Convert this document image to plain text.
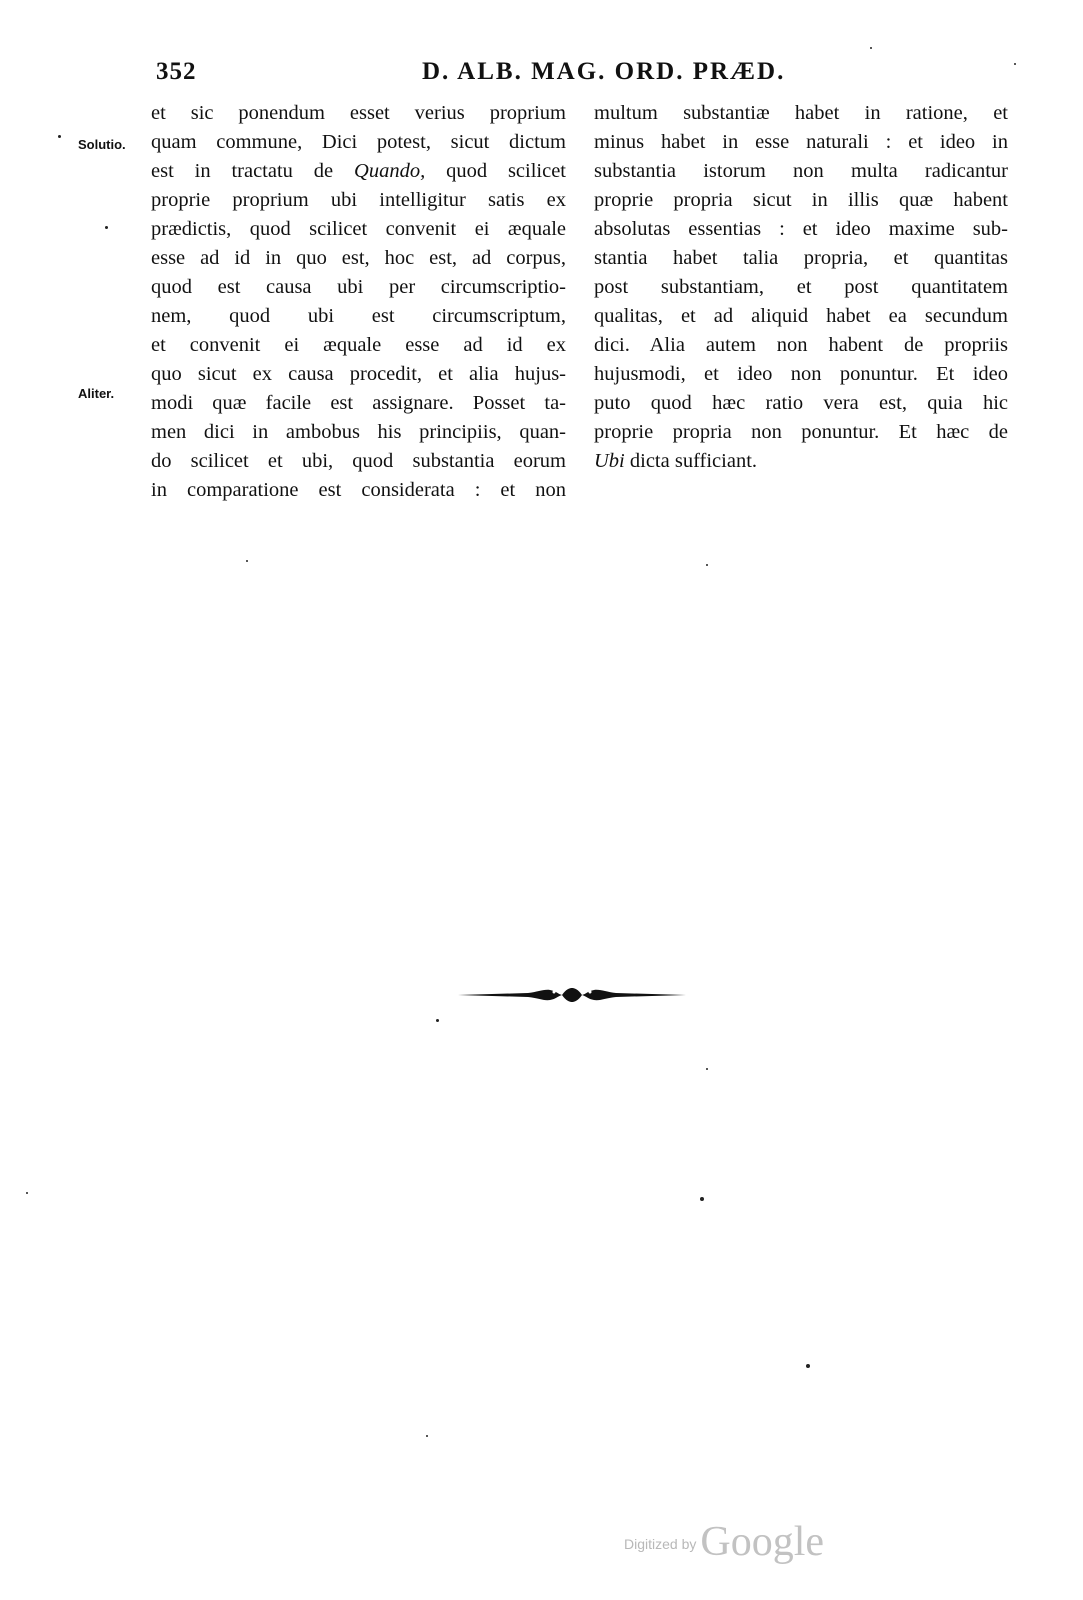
352	D. ALB. MAG. ORD. PRÆD.
Solutio.
Aliter.
et sic ponendum esset verius proprium
quam commune, Dici potest, sicut dictum
est in tractatu de Quando, quod scilicet
proprie proprium ubi intelligitur satis ex
prædictis, quod scilicet convenit ei æquale
esse ad id in quo est, hoc est, ad corpus,
quod est causa ubi per circumscriptio-
nem, quod ubi est circumscriptum,
et convenit ei æquale esse ad id ex
quo sicut ex causa procedit, et alia hujus-
modi quæ facile est assignare. Posset ta-
men dici in ambobus his principiis, quan-
do scilicet et ubi, quod substantia eorum
in comparatione est considerata : et non
multum substantiæ habet in ratione, et
minus habet in esse naturali : et ideo in
substantia istorum non multa radicantur
proprie propria sicut in illis quæ habent
absolutas essentias : et ideo maxime sub-
stantia habet talia propria, et quantitas
post substantiam, et post quantitatem
qualitas, et ad aliquid habet ea secundum
dici. Alia autem non habent de propriis
hujusmodi, et ideo non ponuntur. Et ideo
puto quod hæc ratio vera est, quia hic
proprie propria non ponuntur. Et hæc de
Ubi dicta sufficiant.
Digitized by Google
